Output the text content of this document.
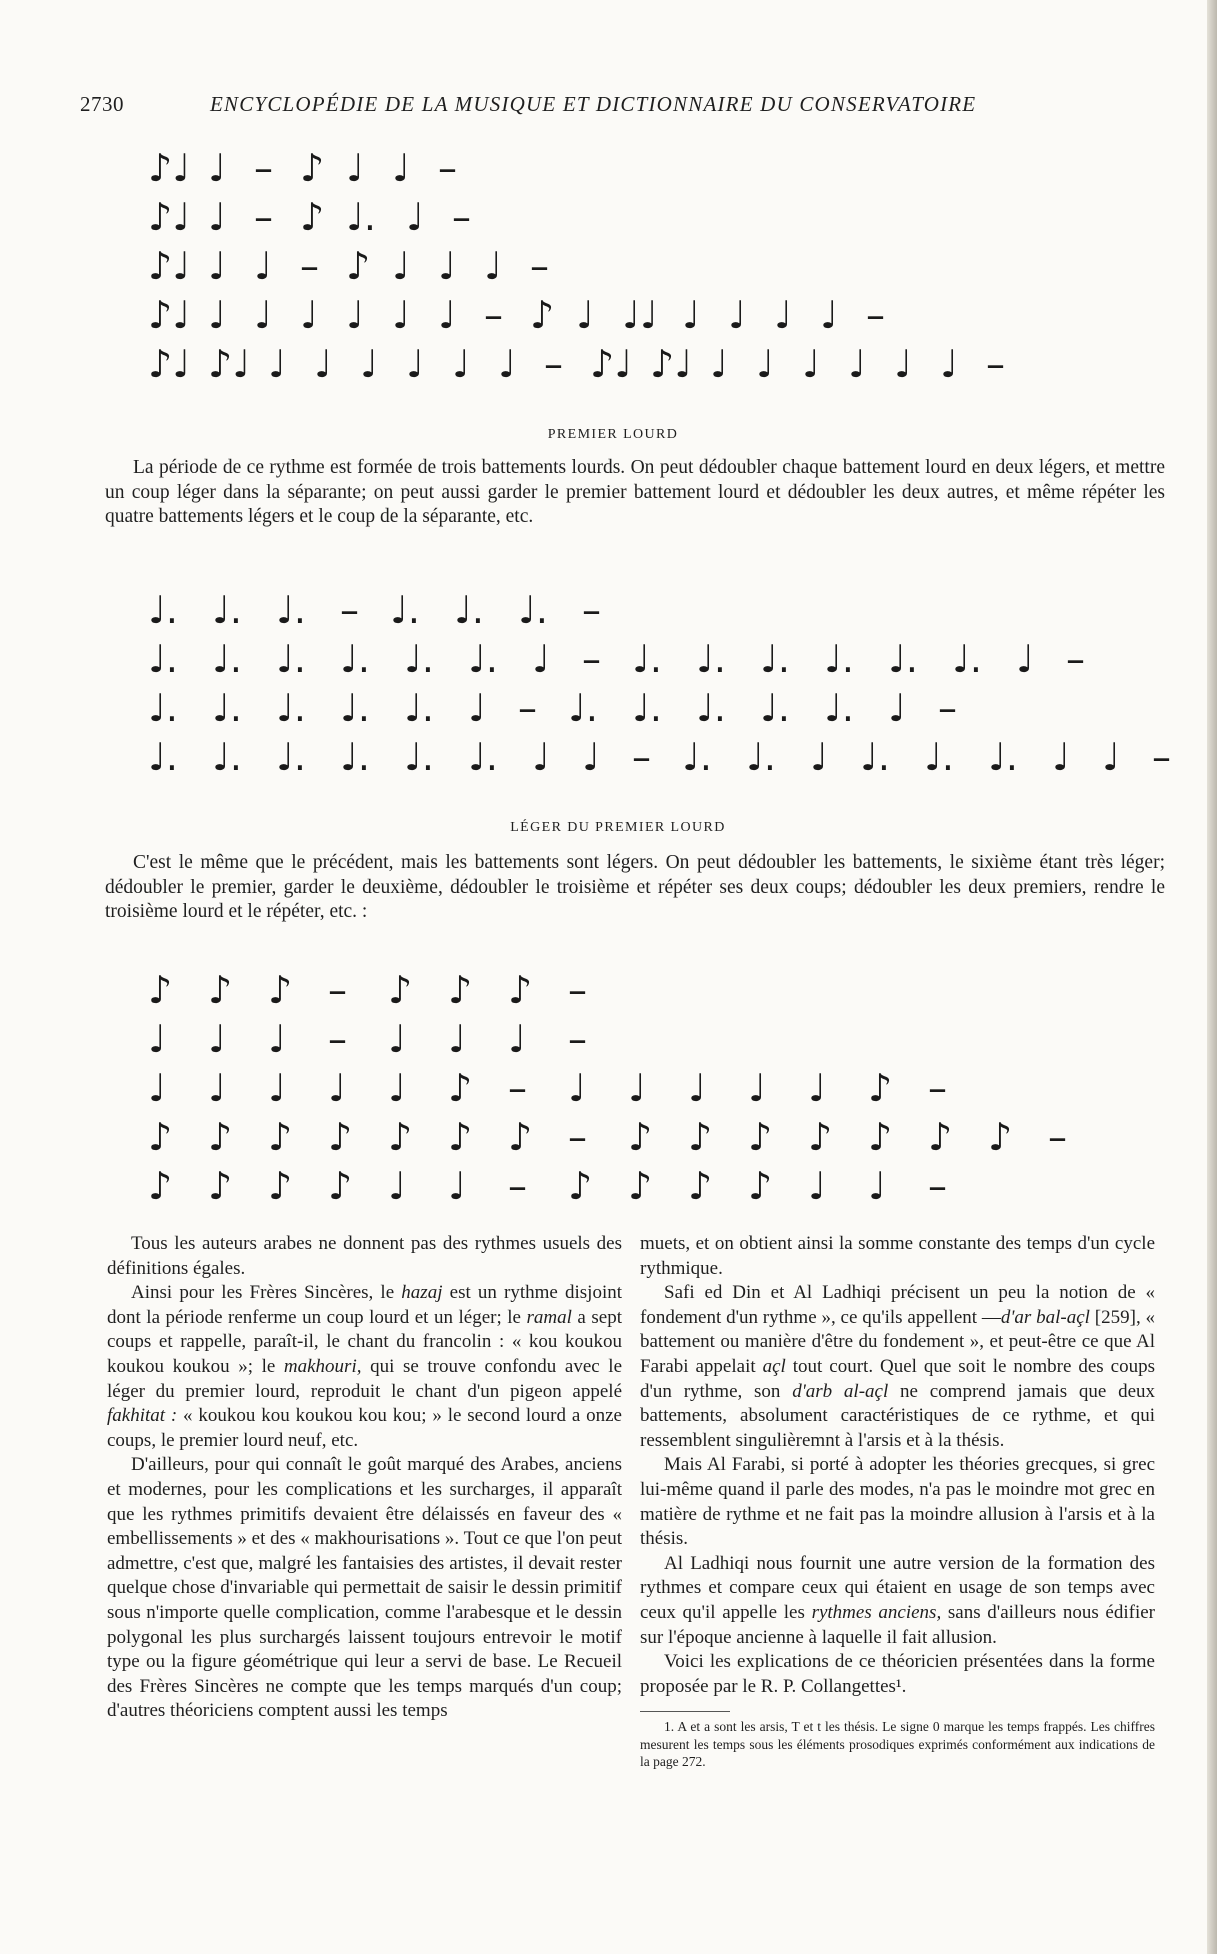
2730	ENCYCLOPÉDIE DE LA MUSIQUE ET DICTIONNAIRE DU CONSERVATOIRE
♪♩ ♩ – ♪ ♩ ♩ –
♪♩ ♩ – ♪ ♩. ♩ –
♪♩ ♩ ♩ – ♪ ♩ ♩ ♩ –
♪♩ ♩ ♩ ♩ ♩ ♩ ♩ – ♪ ♩ ♩♩ ♩ ♩ ♩ ♩ –
♪♩ ♪♩ ♩ ♩ ♩ ♩ ♩ ♩ – ♪♩ ♪♩ ♩ ♩ ♩ ♩ ♩ ♩ –
PREMIER LOURD
La période de ce rythme est formée de trois battements lourds. On peut dédoubler chaque battement lourd en deux légers, et mettre un coup léger dans la séparante; on peut aussi garder le premier battement lourd et dédoubler les deux autres, et même répéter les quatre battements légers et le coup de la séparante, etc.
♩. ♩. ♩. – ♩. ♩. ♩. –
♩. ♩. ♩. ♩. ♩. ♩. ♩ – ♩. ♩. ♩. ♩. ♩. ♩. ♩ –
♩. ♩. ♩. ♩. ♩. ♩ – ♩. ♩. ♩. ♩. ♩. ♩ –
♩. ♩. ♩. ♩. ♩. ♩. ♩ ♩ – ♩. ♩. ♩ ♩. ♩. ♩. ♩ ♩ –
LÉGER DU PREMIER LOURD
C'est le même que le précédent, mais les battements sont légers. On peut dédoubler les battements, le sixième étant très léger; dédoubler le premier, garder le deuxième, dédoubler le troisième et répéter ses deux coups; dédoubler les deux premiers, rendre le troisième lourd et le répéter, etc. :
♪ ♪ ♪ – ♪ ♪ ♪ –
♩ ♩ ♩ – ♩ ♩ ♩ –
♩ ♩ ♩ ♩ ♩ ♪ – ♩ ♩ ♩ ♩ ♩ ♪ –
♪ ♪ ♪ ♪ ♪ ♪ ♪ – ♪ ♪ ♪ ♪ ♪ ♪ ♪ –
♪ ♪ ♪ ♪ ♩ ♩ – ♪ ♪ ♪ ♪ ♩ ♩ –

Tous les auteurs arabes ne donnent pas des rythmes usuels des définitions égales.

Ainsi pour les Frères Sincères, le hazaj est un rythme disjoint dont la période renferme un coup lourd et un léger; le ramal a sept coups et rappelle, paraît-il, le chant du francolin : « kou koukou koukou koukou »; le makhouri, qui se trouve confondu avec le léger du premier lourd, reproduit le chant d'un pigeon appelé fakhitat : « koukou kou koukou kou kou; » le second lourd a onze coups, le premier lourd neuf, etc.

D'ailleurs, pour qui connaît le goût marqué des Arabes, anciens et modernes, pour les complications et les surcharges, il apparaît que les rythmes primitifs devaient être délaissés en faveur des « embellissements » et des « makhourisations ». Tout ce que l'on peut admettre, c'est que, malgré les fantaisies des artistes, il devait rester quelque chose d'invariable qui permettait de saisir le dessin primitif sous n'importe quelle complication, comme l'arabesque et le dessin polygonal les plus surchargés laissent toujours entrevoir le motif type ou la figure géométrique qui leur a servi de base. Le Recueil des Frères Sincères ne compte que les temps marqués d'un coup; d'autres théoriciens comptent aussi les temps

muets, et on obtient ainsi la somme constante des temps d'un cycle rythmique.

Safi ed Din et Al Ladhiqi précisent un peu la notion de « fondement d'un rythme », ce qu'ils appellent —d'ar bal-açl [259], « battement ou manière d'être du fondement », et peut-être ce que Al Farabi appelait açl tout court. Quel que soit le nombre des coups d'un rythme, son d'arb al-açl ne comprend jamais que deux battements, absolument caractéristiques de ce rythme, et qui ressemblent singulièremnt à l'arsis et à la thésis.

Mais Al Farabi, si porté à adopter les théories grecques, si grec lui-même quand il parle des modes, n'a pas le moindre mot grec en matière de rythme et ne fait pas la moindre allusion à l'arsis et à la thésis.

Al Ladhiqi nous fournit une autre version de la formation des rythmes et compare ceux qui étaient en usage de son temps avec ceux qu'il appelle les rythmes anciens, sans d'ailleurs nous édifier sur l'époque ancienne à laquelle il fait allusion.

Voici les explications de ce théoricien présentées dans la forme proposée par le R. P. Collangettes¹.

1. A et a sont les arsis, T et t les thésis. Le signe 0 marque les temps frappés. Les chiffres mesurent les temps sous les éléments prosodiques exprimés conformément aux indications de la page 272.
